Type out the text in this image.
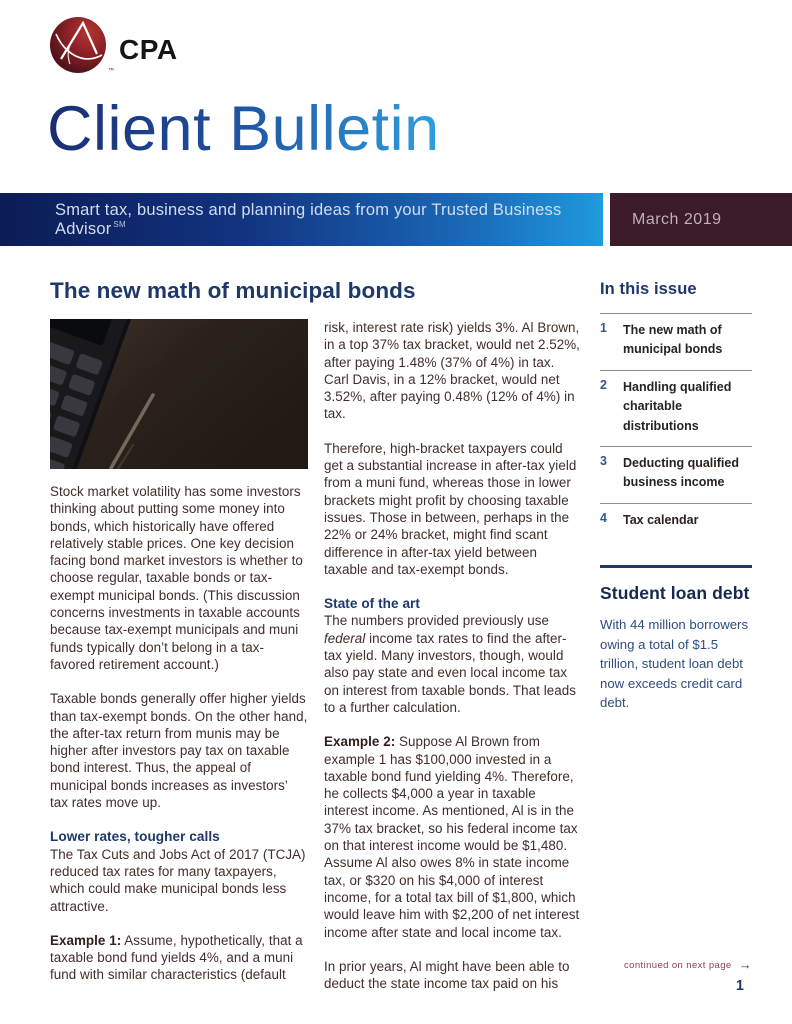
™
CPA
Client Bulletin
Smart tax, business and planning ideas from your Trusted Business Advisor ℠	March 2019
The new math of municipal bonds

Stock market volatility has some investors thinking about putting some money into bonds, which historically have offered relatively stable prices. One key decision facing bond market investors is whether to choose regular, taxable bonds or tax-exempt municipal bonds. (This discussion concerns investments in taxable accounts because tax-exempt municipals and muni funds typically don’t belong in a tax-favored retirement account.)

Taxable bonds generally offer higher yields than tax-exempt bonds. On the other hand, the after-tax return from munis may be higher after investors pay tax on taxable bond interest. Thus, the appeal of municipal bonds increases as investors’ tax rates move up.

Lower rates, tougher calls

The Tax Cuts and Jobs Act of 2017 (TCJA) reduced tax rates for many taxpayers, which could make municipal bonds less attractive.

Example 1: Assume, hypothetically, that a taxable bond fund yields 4%, and a muni fund with similar characteristics (default

risk, interest rate risk) yields 3%. Al Brown, in a top 37% tax bracket, would net 2.52%, after paying 1.48% (37% of 4%) in tax. Carl Davis, in a 12% bracket, would net 3.52%, after paying 0.48% (12% of 4%) in tax.

Therefore, high-bracket taxpayers could get a substantial increase in after-tax yield from a muni fund, whereas those in lower brackets might profit by choosing taxable issues. Those in between, perhaps in the 22% or 24% bracket, might find scant difference in after-tax yield between taxable and tax-exempt bonds.

State of the art

The numbers provided previously use federal income tax rates to find the after-tax yield. Many investors, though, would also pay state and even local income tax on interest from taxable bonds. That leads to a further calculation.

Example 2: Suppose Al Brown from example 1 has $100,000 invested in a taxable bond fund yielding 4%. Therefore, he collects $4,000 a year in taxable interest income. As mentioned, Al is in the 37% tax bracket, so his federal income tax on that interest income would be $1,480. Assume Al also owes 8% in state income tax, or $320 on his $4,000 of interest income, for a total tax bill of $1,800, which would leave him with $2,200 of net interest income after state and local income tax.

In prior years, Al might have been able to deduct the state income tax paid on his

In this issue
1	The new math of municipal bonds
2	Handling qualified charitable distributions
3	Deducting qualified business income
4	Tax calendar
Student loan debt

With 44 million borrowers owing a total of $1.5 trillion, student loan debt now exceeds credit card debt.

continued on next page →
1
